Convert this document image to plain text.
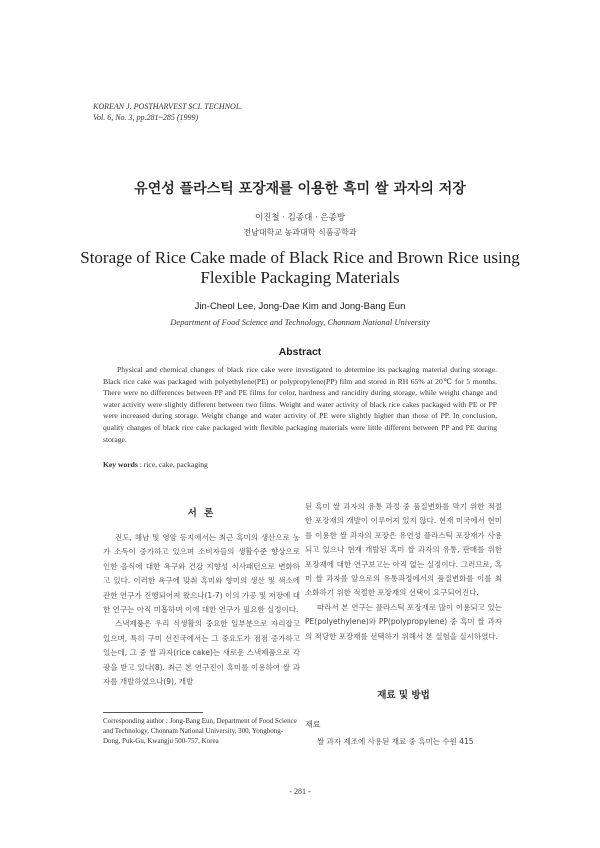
KOREAN J. POSTHARVEST SCI. TECHNOL.
Vol. 6, No. 3, pp.281~285 (1999)
유연성 플라스틱 포장재를 이용한 흑미 쌀 과자의 저장
이진철 · 김종대 · 은종방
전남대학교 농과대학 식품공학과
Storage of Rice Cake made of Black Rice and Brown Rice using
Flexible Packaging Materials
Jin-Cheol Lee, Jong-Dae Kim and Jong-Bang Eun
Department of Food Science and Technology, Chonnam National University
Abstract
Physical and chemical changes of black rice cake were investigated to determine its packaging material during storage. Black rice cake was packaged with polyethylene(PE) or polypropylene(PP) film and stored in RH 65% at 20℃ for 5 months. There were no differences between PP and PE films for color, hardness and rancidity during storage, while weight change and water activity were slightly different between two films. Weight and water activity of black rice cakes packaged with PE or PP were increased during storage. Weight change and water activity of PE were slightly higher than those of PP. In conclusion, quality changes of black rice cake packaged with flexible packaging materials were little different between PP and PE during storage.
Key words : rice, cake, packaging
서 론

진도, 해남 및 영암 등지에서는 최근 흑미의 생산으로 농가 소득이 증가하고 있으며 소비자들의 생활수준 향상으로 인한 음식에 대한 욕구와 건강 지향성 식사패턴으로 변화하고 있다. 이러한 욕구에 맞춰 흑미와 향미의 생산 및 색소에 관한 연구가 진행되어져 왔으나(1-7) 이의 가공 및 저장에 대한 연구는 아직 미흡하며 이에 대한 연구가 필요한 실정이다.

스낵제품은 우리 식생활의 중요한 일부분으로 자리잡고 있으며, 특히 구미 선진국에서는 그 중요도가 점점 증가하고 있는데, 그 중 쌀 과자(rice cake)는 새로운 스낵제품으로 각광을 받고 있다(8). 최근 본 연구진이 흑미를 이용하여 쌀 과자를 개발하였으나(9), 개발

된 흑미 쌀 과자의 유통 과정 중 품질변화를 막기 위한 적절한 포장재의 개발이 이루어져 있지 않다. 현재 미국에서 현미를 이용한 쌀 과자의 포장은 유연성 플라스틱 포장재가 사용되고 있으나 현재 개발된 흑미 쌀 과자의 유통, 판매를 위한 포장재에 대한 연구보고는 아직 없는 실정이다. 그러므로, 흑미 쌀 과자를 앞으로의 유통과정에서의 품질변화를 이를 최소화하기 위한 적절한 포장재의 선택이 요구되어진다.

따라서 본 연구는 플라스틱 포장재로 많이 이용되고 있는 PE(polyethylene)와 PP(polypropylene) 중 흑미 쌀 과자의 적당한 포장재를 선택하기 위해서 본 실험을 실시하였다.

재료 및 방법
재료
쌀 과자 제조에 사용된 재료 중 흑미는 수원 415
Corresponding author : Jong-Bang Eun, Department of Food Science and Technology, Chonnam National University, 300, Yongbong-Dong, Puk-Gu, Kwangju 500-757, Korea
- 281 -
